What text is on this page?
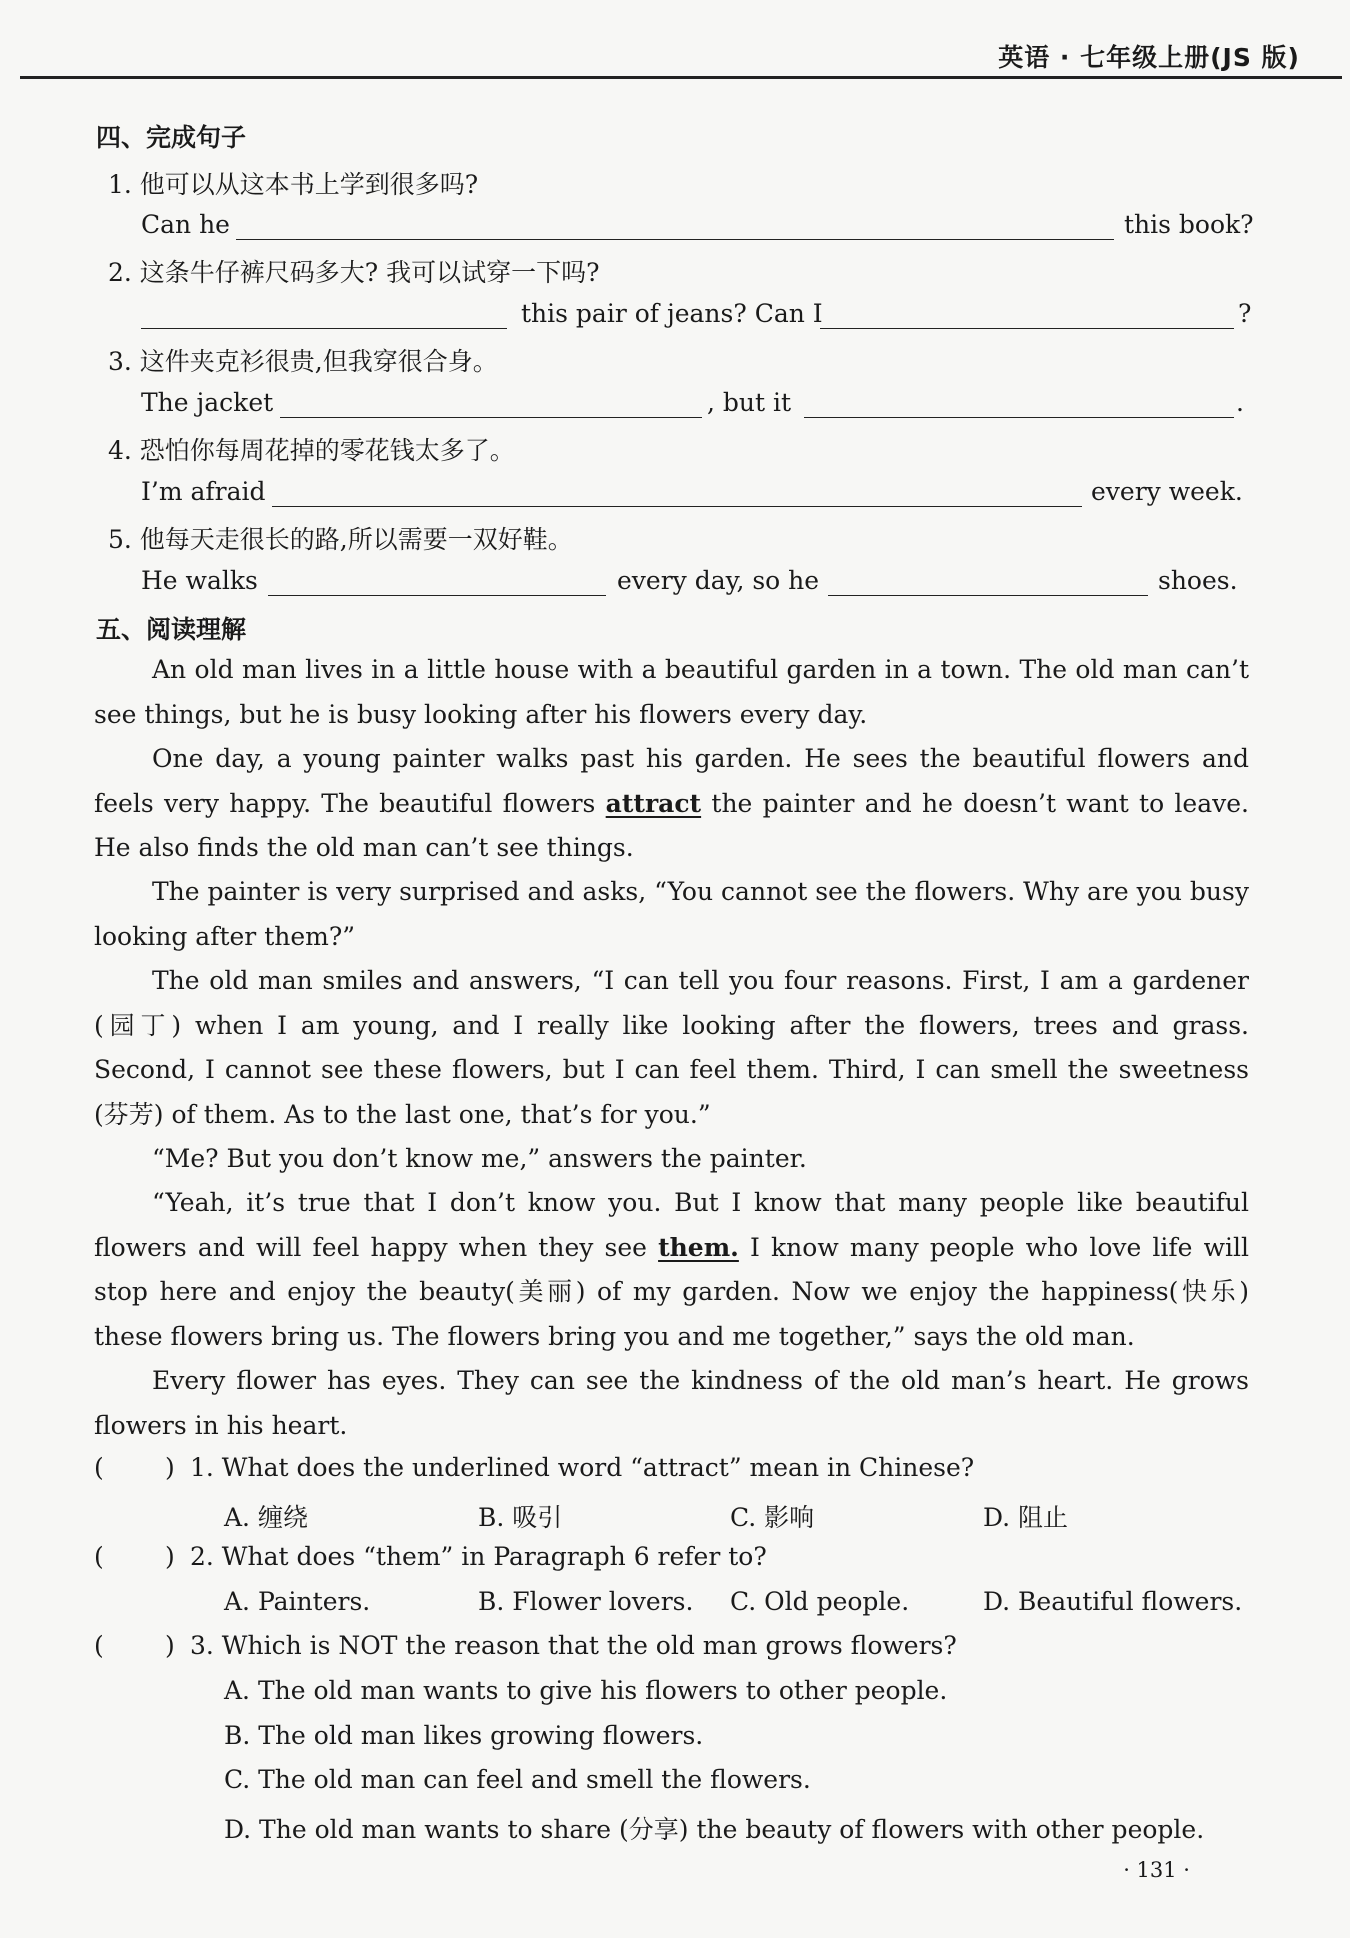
英语 · 七年级上册(JS 版)
四、完成句子
1. 他可以从这本书上学到很多吗?
Can he	this book?
2. 这条牛仔裤尺码多大? 我可以试穿一下吗?
this pair of jeans? Can I	?
3. 这件夹克衫很贵,但我穿很合身。
The jacket	, but it	.
4. 恐怕你每周花掉的零花钱太多了。
I’m afraid	every week.
5. 他每天走很长的路,所以需要一双好鞋。
He walks	every day, so he	shoes.
五、阅读理解
An old man lives in a little house with a beautiful garden in a town. The old man can’t see things, but he is busy looking after his flowers every day.
One day, a young painter walks past his garden. He sees the beautiful flowers and feels very happy. The beautiful flowers attract the painter and he doesn’t want to leave. He also finds the old man can’t see things.
The painter is very surprised and asks, “You cannot see the flowers. Why are you busy looking after them?”
The old man smiles and answers, “I can tell you four reasons. First, I am a gardener (园丁) when I am young, and I really like looking after the flowers, trees and grass. Second, I cannot see these flowers, but I can feel them. Third, I can smell the sweetness (芬芳) of them. As to the last one, that’s for you.”
“Me? But you don’t know me,” answers the painter.
“Yeah, it’s true that I don’t know you. But I know that many people like beautiful flowers and will feel happy when they see them. I know many people who love life will stop here and enjoy the beauty(美丽) of my garden. Now we enjoy the happiness(快乐) these flowers bring us. The flowers bring you and me together,” says the old man.
Every flower has eyes. They can see the kindness of the old man’s heart. He grows flowers in his heart.
( ) 1. What does the underlined word “attract” mean in Chinese?
A. 缠绕	B. 吸引	C. 影响	D. 阻止
( ) 2. What does “them” in Paragraph 6 refer to?
A. Painters.	B. Flower lovers. C. Old people.	D. Beautiful flowers.
( ) 3. Which is NOT the reason that the old man grows flowers?
A. The old man wants to give his flowers to other people.
B. The old man likes growing flowers.
C. The old man can feel and smell the flowers.
D. The old man wants to share (分享) the beauty of flowers with other people.
· 131 ·
